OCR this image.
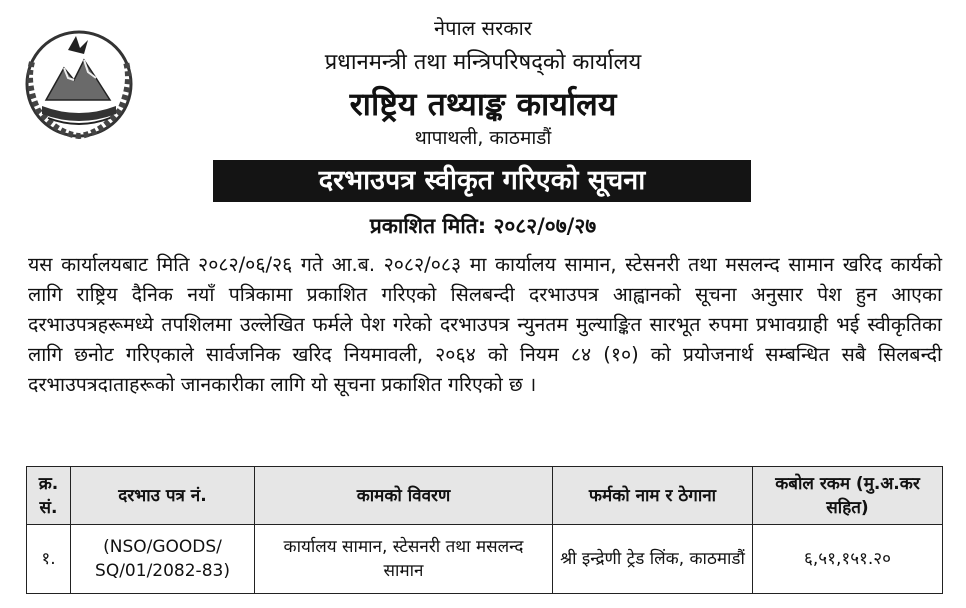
नेपाल सरकार
प्रधानमन्त्री तथा मन्त्रिपरिषद्को कार्यालय
राष्ट्रिय तथ्याङ्क कार्यालय
थापाथली, काठमाडौं
दरभाउपत्र स्वीकृत गरिएको सूचना
प्रकाशित मिति: २०८२/०७/२७

यस कार्यालयबाट मिति २०८२/०६/२६ गते आ.ब. २०८२/०८३ मा कार्यालय सामान, स्टेसनरी तथा मसलन्द सामान खरिद कार्यको लागि राष्ट्रिय दैनिक नयाँ पत्रिकामा प्रकाशित गरिएको सिलबन्दी दरभाउपत्र आह्वानको सूचना अनुसार पेश हुन आएका दरभाउपत्रहरूमध्ये तपशिलमा उल्लेखित फर्मले पेश गरेको दरभाउपत्र न्युनतम मुल्याङ्कित सारभूत रुपमा प्रभावग्राही भई स्वीकृतिका लागि छनोट गरिएकाले सार्वजनिक खरिद नियमावली, २०६४ को नियम ८४ (१०) को प्रयोजनार्थ सम्बन्धित सबै सिलबन्दी दरभाउपत्रदाताहरूको जानकारीका लागि यो सूचना प्रकाशित गरिएको छ ।

क्र. सं.	दरभाउ पत्र नं.	कामको विवरण	फर्मको नाम र ठेगाना	कबोल रकम (मु.अ.कर सहित)
१.	(NSO/GOODS/ SQ/01/2082-83)	कार्यालय सामान, स्टेसनरी तथा मसलन्द सामान	श्री इन्द्रेणी ट्रेड लिंक, काठमाडौं	६,५१,१५१.२०
